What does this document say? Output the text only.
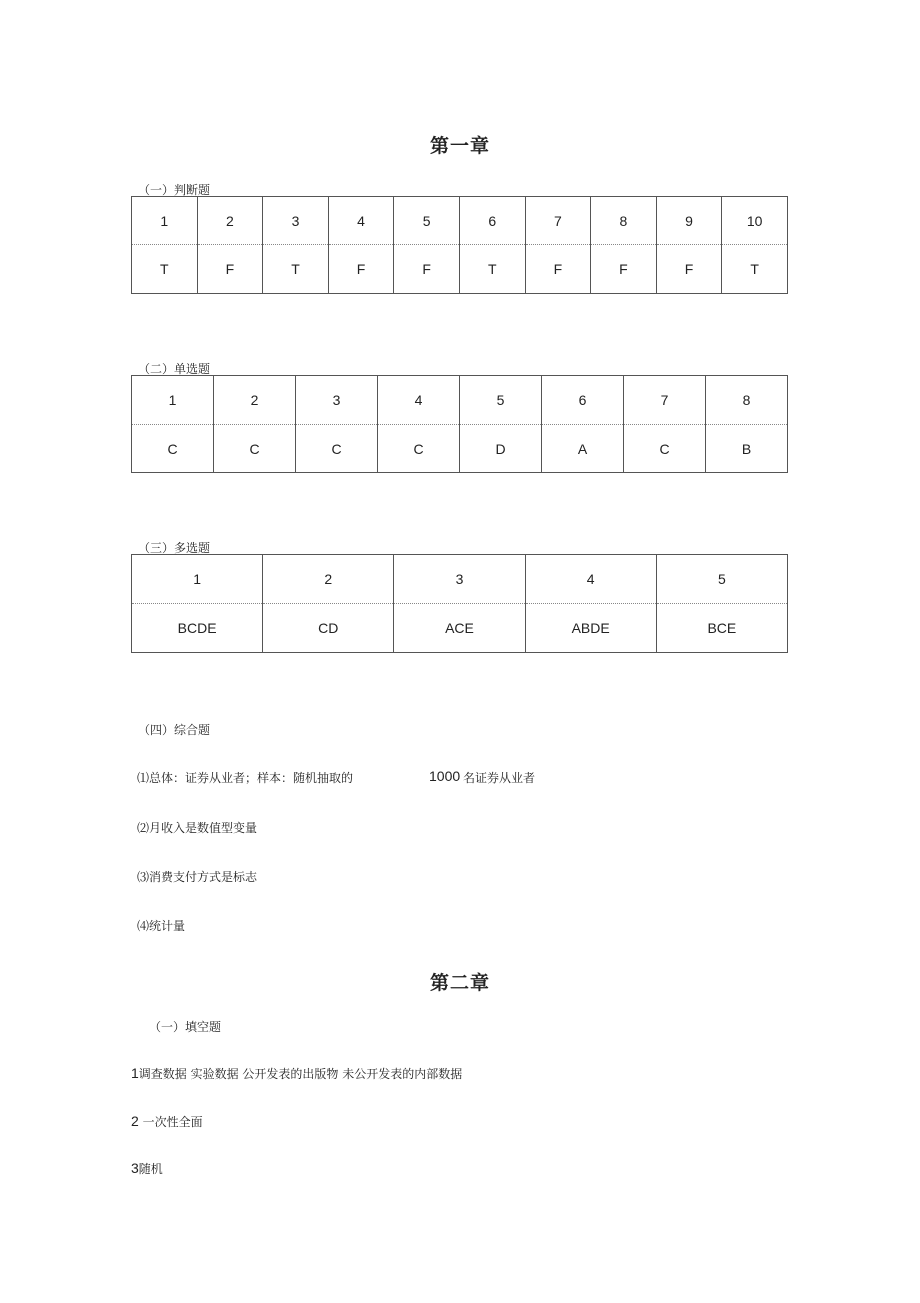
第一章
（一）判断题
1	2	3	4	5	6	7	8	9	10
T	F	T	F	F	T	F	F	F	T
（二）单选题
1	2	3	4	5	6	7	8
C	C	C	C	D	A	C	B
（三）多选题
1	2	3	4	5
BCDE	CD	ACE	ABDE	BCE
（四）综合题
⑴总体：证券从业者；样本：随机抽取的	1000 名证券从业者
⑵月收入是数值型变量
⑶消费支付方式是标志
⑷统计量
第二章
（一）填空题
1调查数据 实验数据 公开发表的出版物 未公开发表的内部数据
2 一次性全面
3随机
